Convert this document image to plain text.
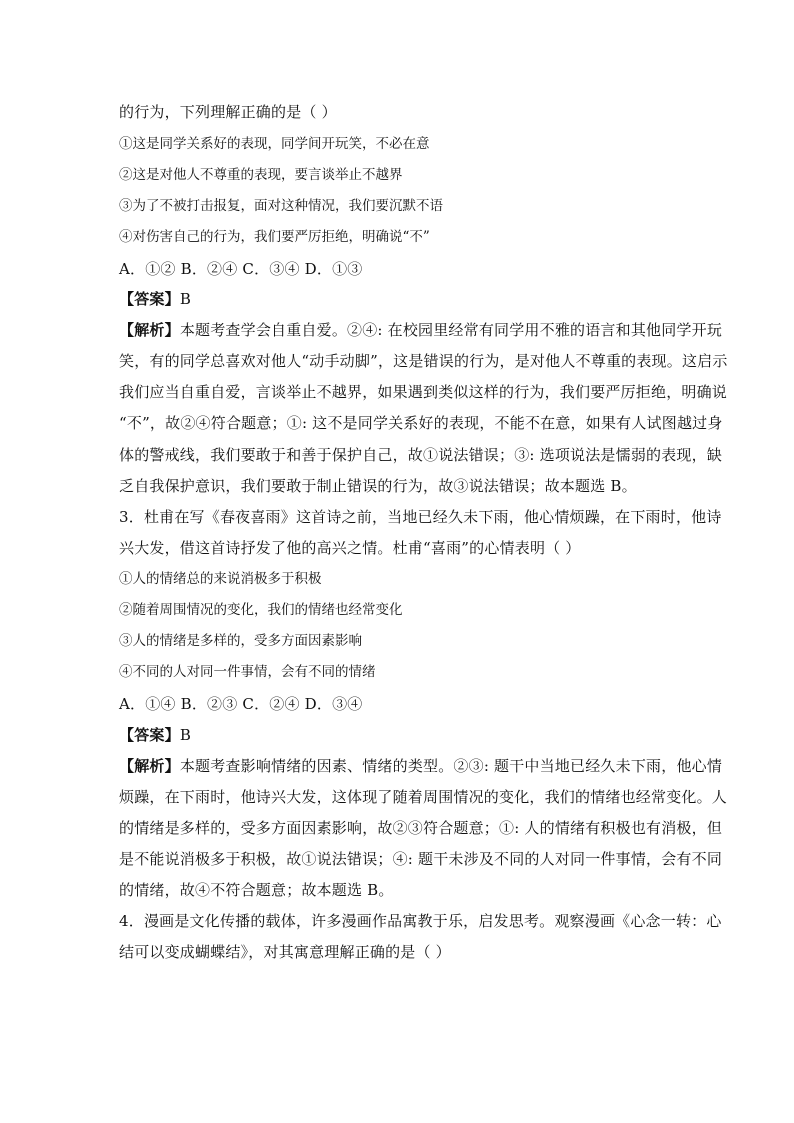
的行为，下列理解正确的是（ ）
①这是同学关系好的表现，同学间开玩笑，不必在意
②这是对他人不尊重的表现，要言谈举止不越界
③为了不被打击报复，面对这种情况，我们要沉默不语
④对伤害自己的行为，我们要严厉拒绝，明确说“不”
A．①② B．②④ C．③④ D．①③
【答案】B
【解析】本题考查学会自重自爱。②④: 在校园里经常有同学用不雅的语言和其他同学开玩
笑，有的同学总喜欢对他人“动手动脚”，这是错误的行为，是对他人不尊重的表现。这启示
我们应当自重自爱，言谈举止不越界，如果遇到类似这样的行为，我们要严厉拒绝，明确说
“不”，故②④符合题意；①: 这不是同学关系好的表现，不能不在意，如果有人试图越过身
体的警戒线，我们要敢于和善于保护自己，故①说法错误；③: 选项说法是懦弱的表现，缺
乏自我保护意识，我们要敢于制止错误的行为，故③说法错误；故本题选 B。
3．杜甫在写《春夜喜雨》这首诗之前，当地已经久未下雨，他心情烦躁，在下雨时，他诗
兴大发，借这首诗抒发了他的高兴之情。杜甫“喜雨”的心情表明（ ）
①人的情绪总的来说消极多于积极
②随着周围情况的变化，我们的情绪也经常变化
③人的情绪是多样的，受多方面因素影响
④不同的人对同一件事情，会有不同的情绪
A．①④ B．②③ C．②④ D．③④
【答案】B
【解析】本题考查影响情绪的因素、情绪的类型。②③: 题干中当地已经久未下雨，他心情
烦躁，在下雨时，他诗兴大发，这体现了随着周围情况的变化，我们的情绪也经常变化。人
的情绪是多样的，受多方面因素影响，故②③符合题意；①: 人的情绪有积极也有消极，但
是不能说消极多于积极，故①说法错误；④: 题干未涉及不同的人对同一件事情，会有不同
的情绪，故④不符合题意；故本题选 B。
4．漫画是文化传播的载体，许多漫画作品寓教于乐，启发思考。观察漫画《心念一转：心
结可以变成蝴蝶结》，对其寓意理解正确的是（ ）
